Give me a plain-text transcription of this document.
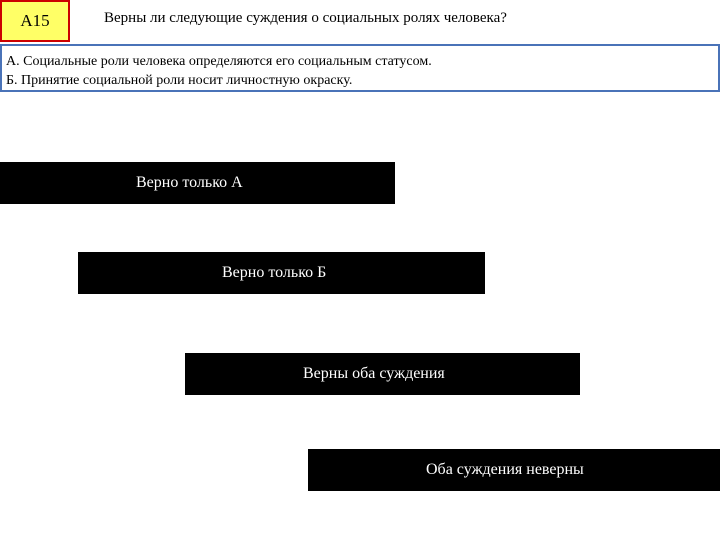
А15	Верны ли следующие суждения о социальных ролях человека?
А. Социальные роли человека определяются его социальным статусом.
Б. Принятие социальной роли носит личностную окраску.
Верно только А
Верно только Б
Верны оба суждения
Оба суждения неверны
